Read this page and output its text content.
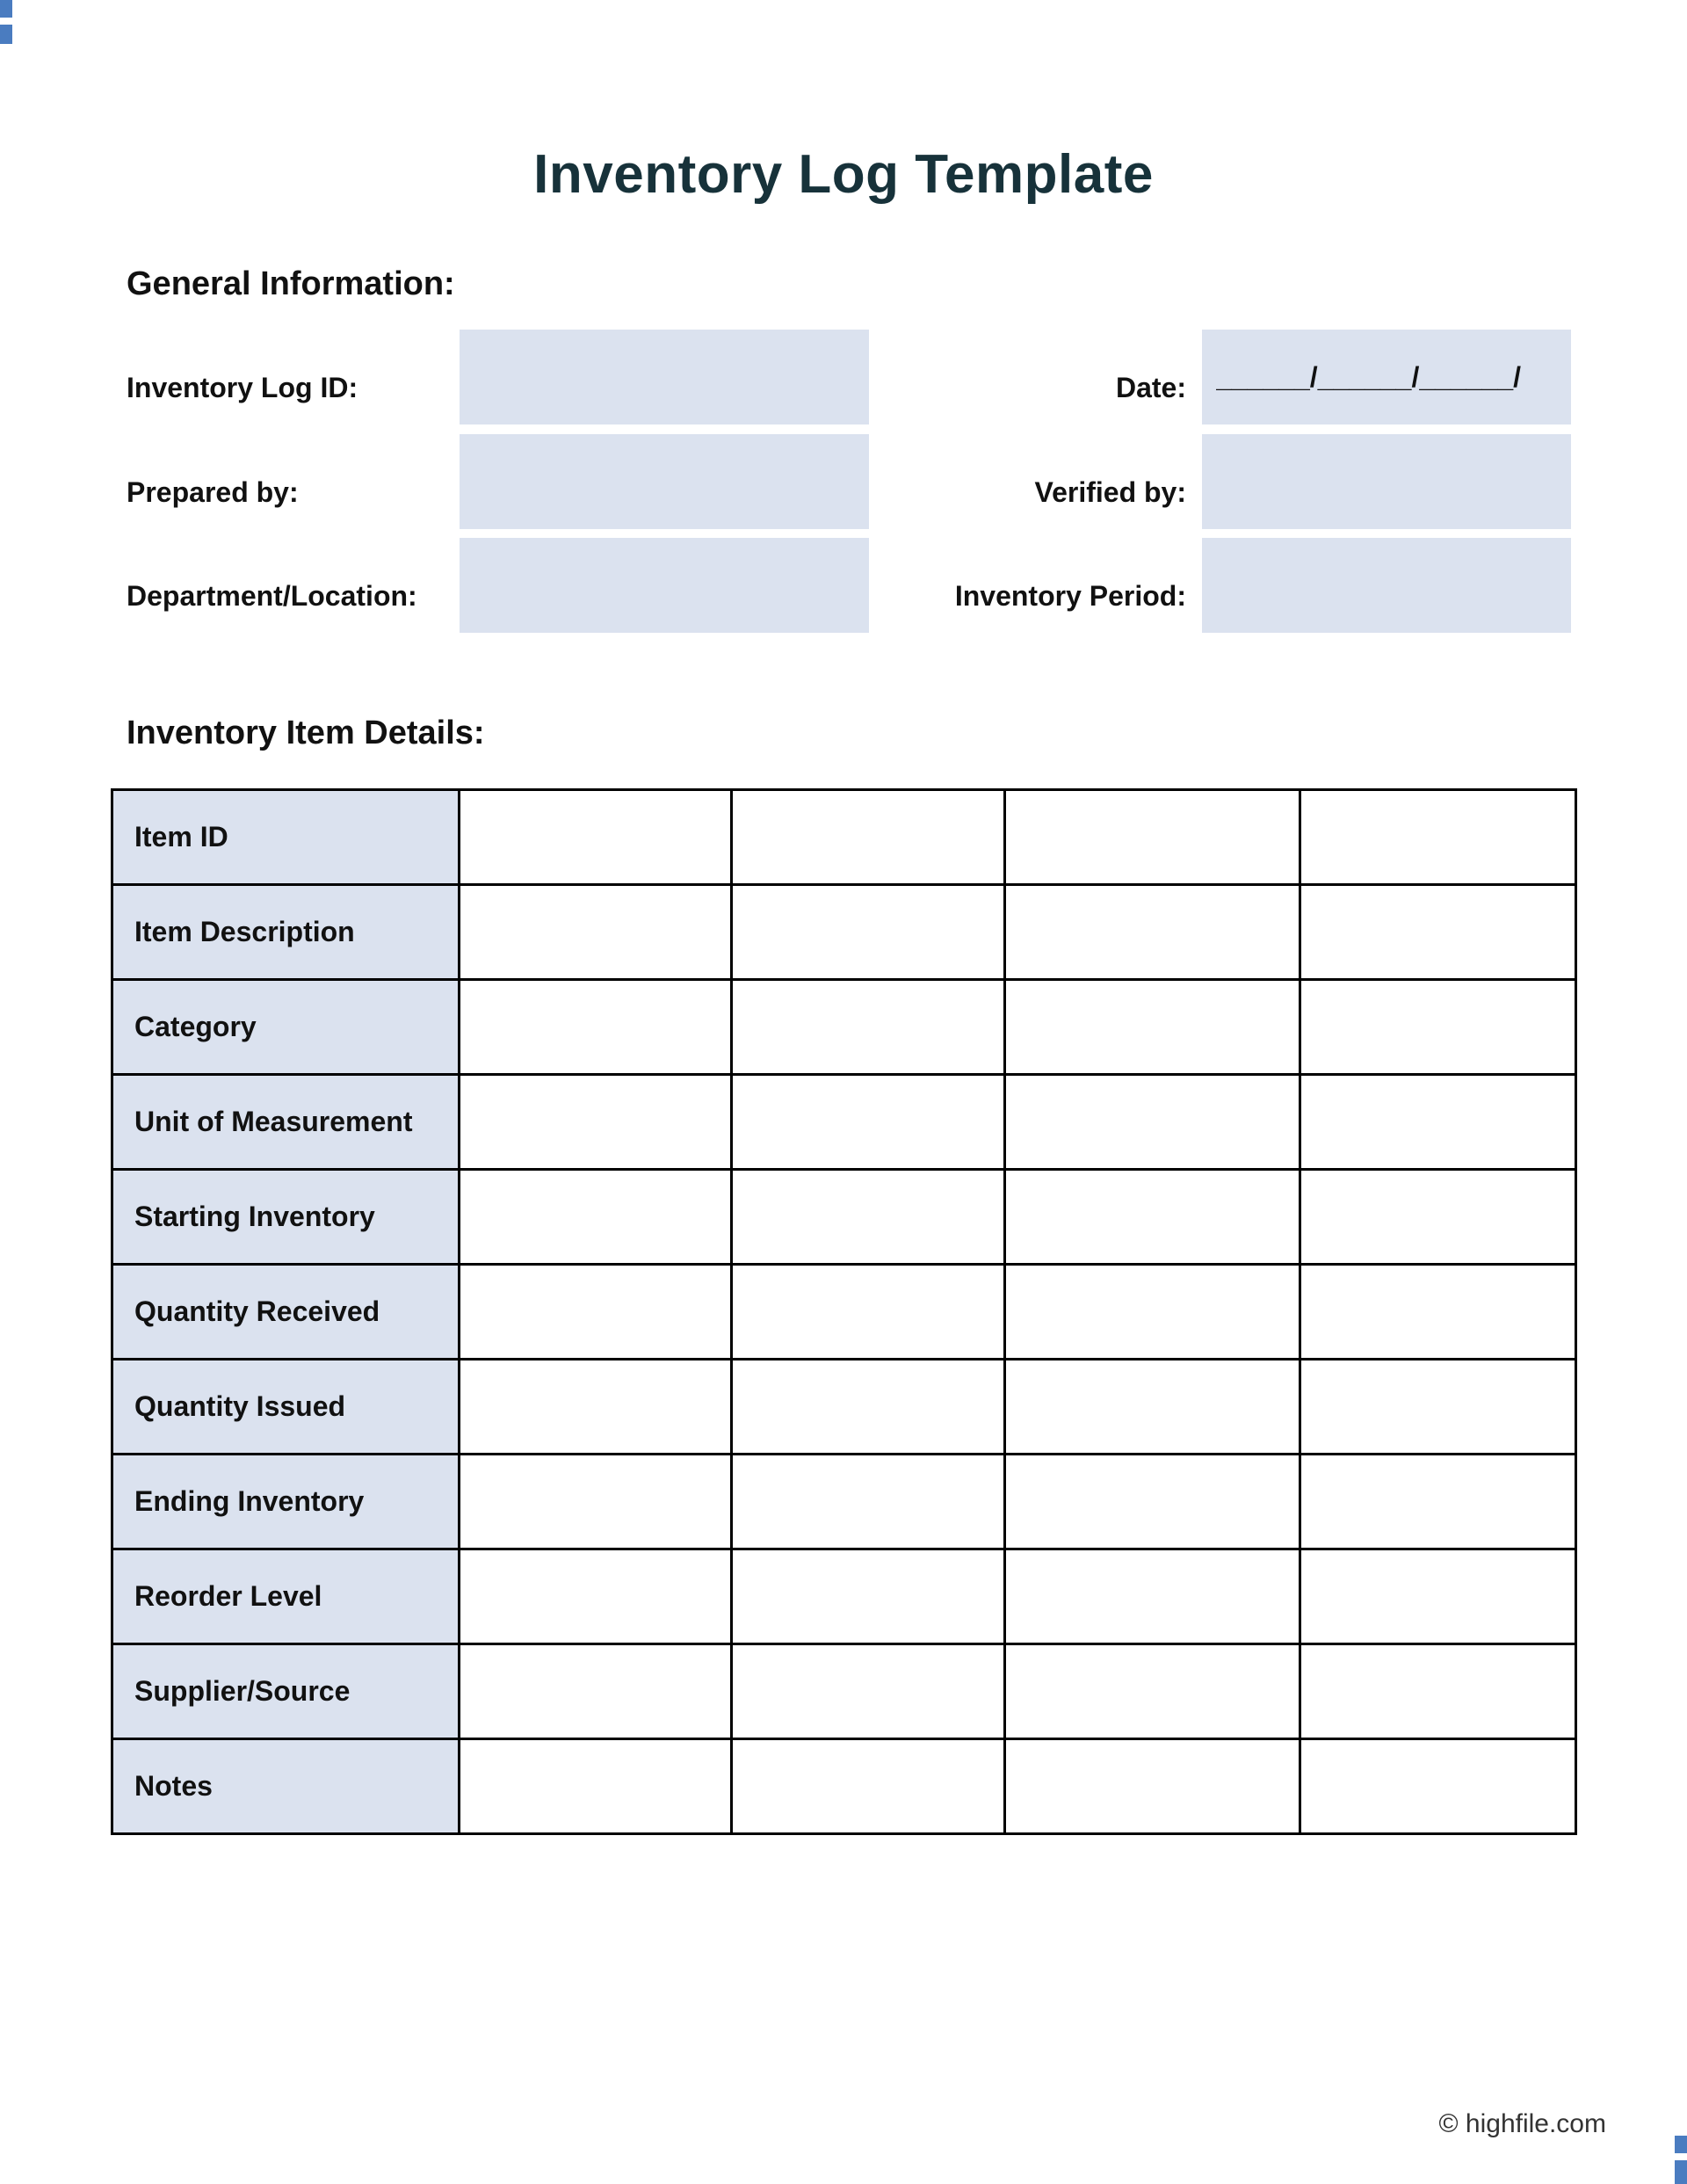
Inventory Log Template
General Information:
Inventory Log ID:	Date: ______/______/______/
Prepared by:	Verified by:
Department/Location:	Inventory Period:
Inventory Item Details:
Item ID				
Item Description				
Category				
Unit of Measurement				
Starting Inventory				
Quantity Received				
Quantity Issued				
Ending Inventory				
Reorder Level				
Supplier/Source				
Notes				
© highfile.com
